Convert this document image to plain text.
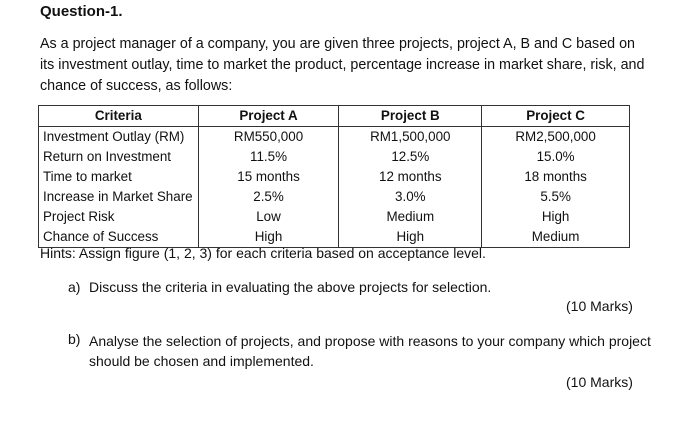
Question-1.

As a project manager of a company, you are given three projects, project A, B and C based on its investment outlay, time to market the product, percentage increase in market share, risk, and chance of success, as follows:

Criteria	Project A	Project B	Project C
Investment Outlay (RM)	RM550,000	RM1,500,000	RM2,500,000
Return on Investment	11.5%	12.5%	15.0%
Time to market	15 months	12 months	18 months
Increase in Market Share	2.5%	3.0%	5.5%
Project Risk	Low	Medium	High
Chance of Success	High	High	Medium
Hints: Assign figure (1, 2, 3) for each criteria based on acceptance level.
a) Discuss the criteria in evaluating the above projects for selection.
(10 Marks)
b) Analyse the selection of projects, and propose with reasons to your company which project should be chosen and implemented.

(10 Marks)
